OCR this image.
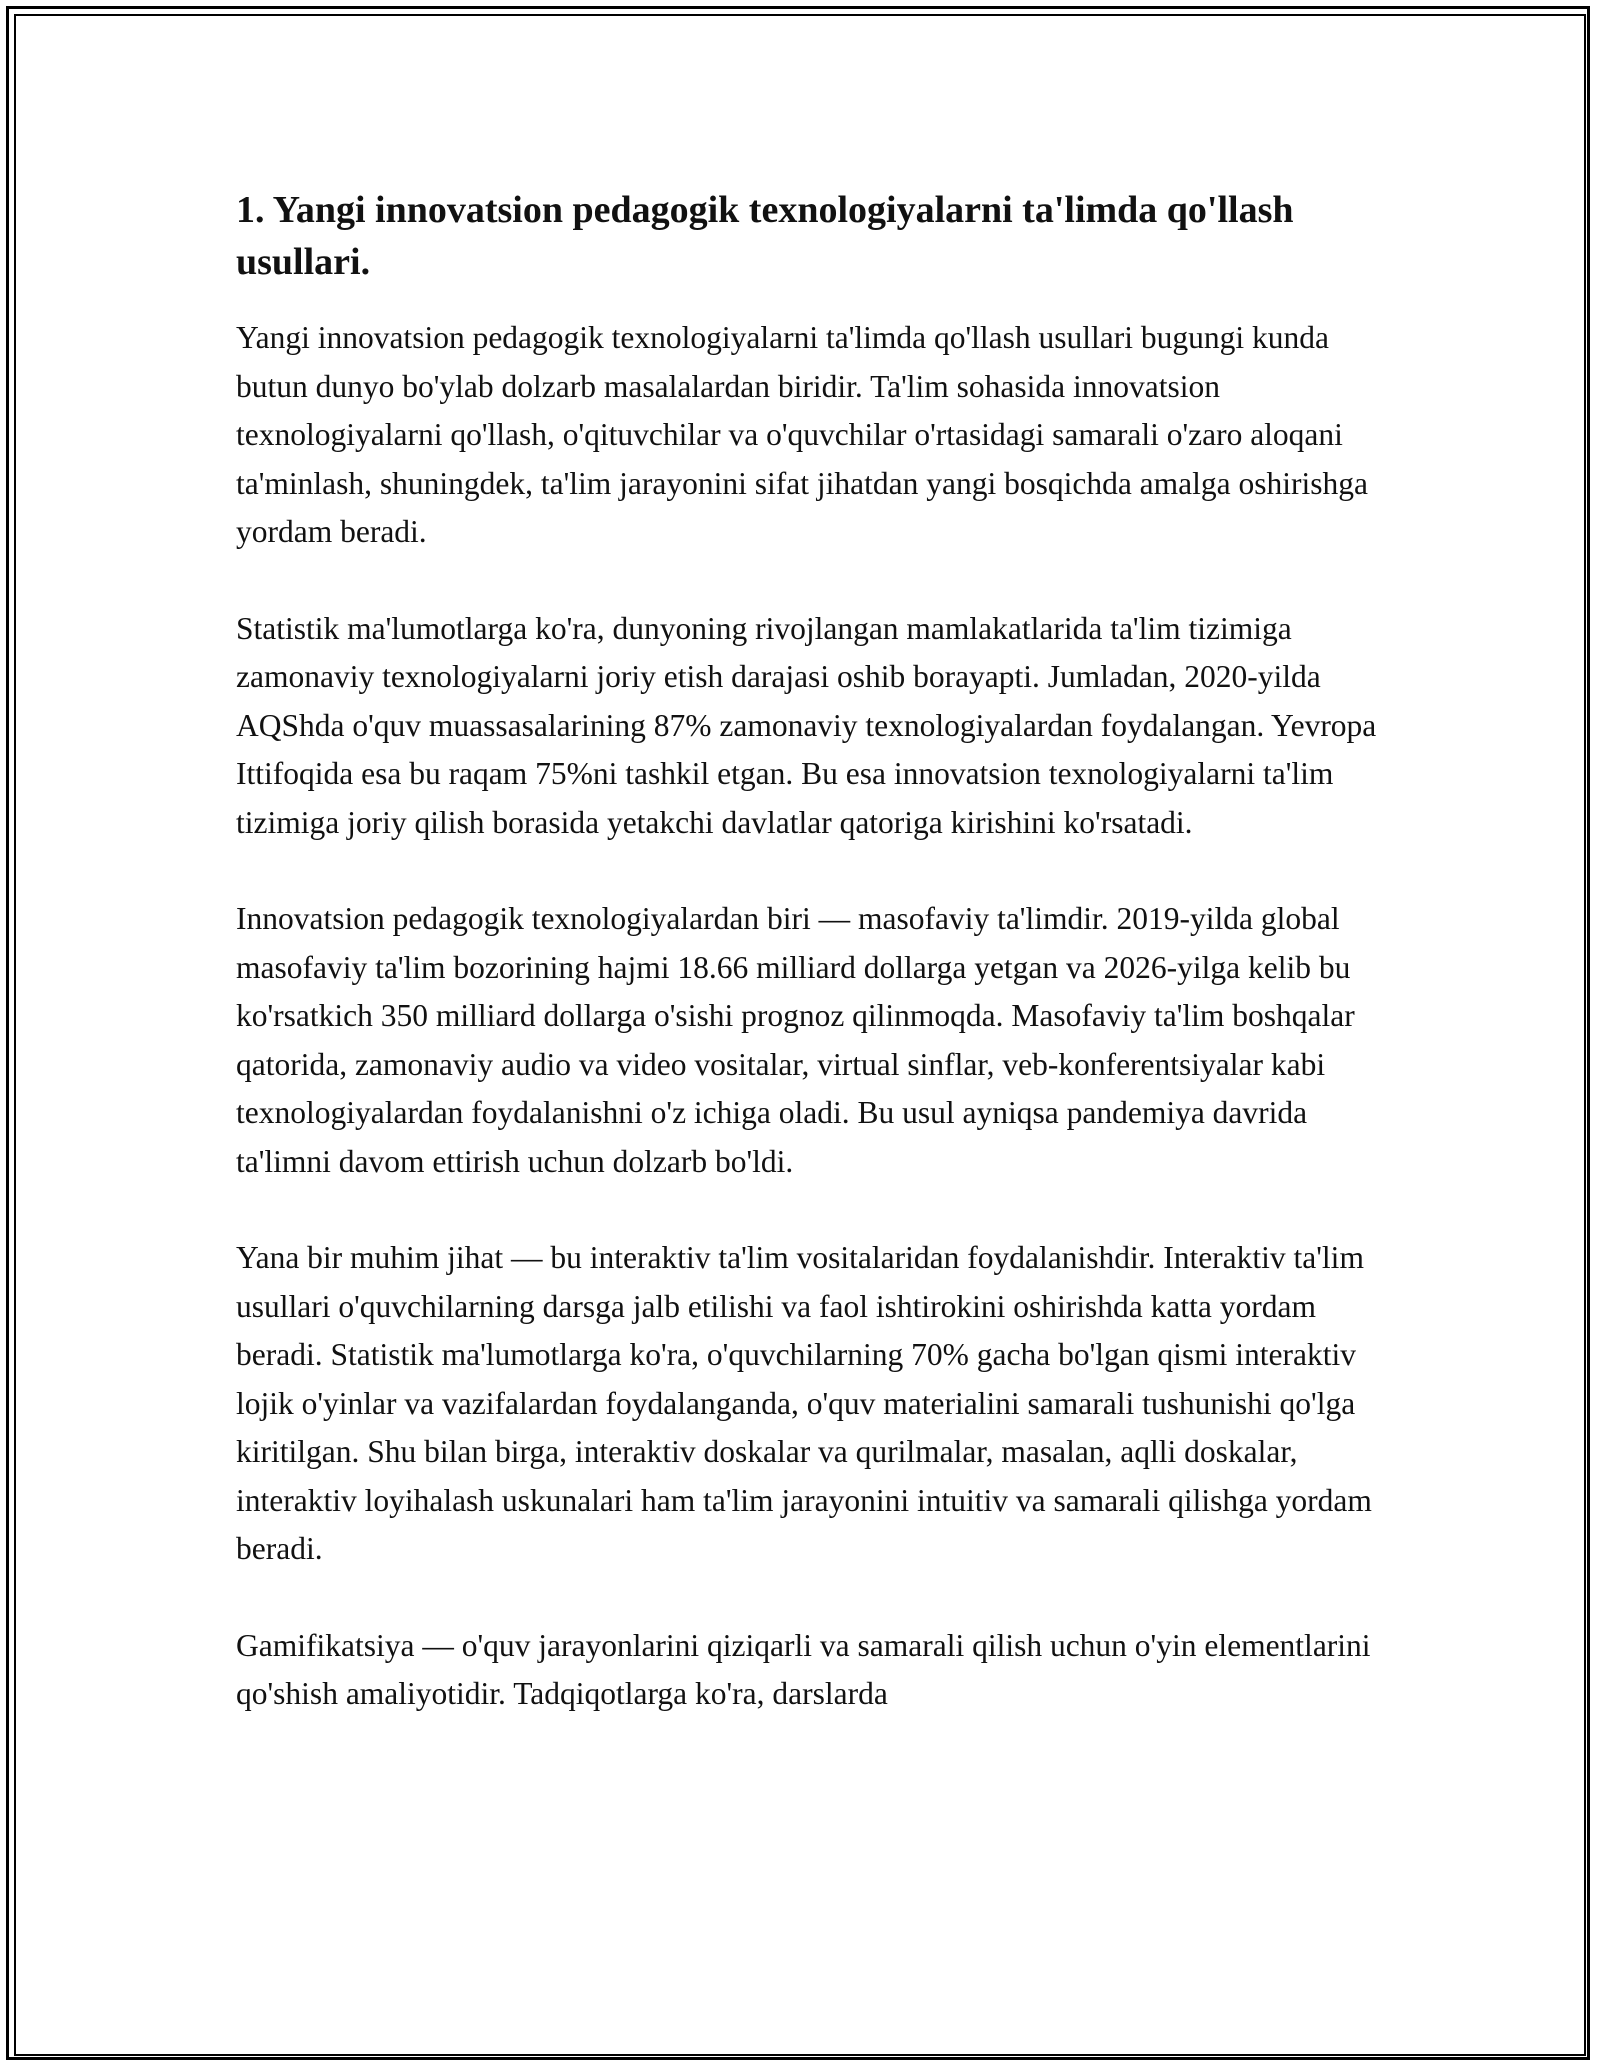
1. Yangi innovatsion pedagogik texnologiyalarni ta'limda qo'llash usullari.

Yangi innovatsion pedagogik texnologiyalarni ta'limda qo'llash usullari bugungi kunda butun dunyo bo'ylab dolzarb masalalardan biridir. Ta'lim sohasida innovatsion texnologiyalarni qo'llash, o'qituvchilar va o'quvchilar o'rtasidagi samarali o'zaro aloqani ta'minlash, shuningdek, ta'lim jarayonini sifat jihatdan yangi bosqichda amalga oshirishga yordam beradi.

Statistik ma'lumotlarga ko'ra, dunyoning rivojlangan mamlakatlarida ta'lim tizimiga zamonaviy texnologiyalarni joriy etish darajasi oshib borayapti. Jumladan, 2020-yilda AQShda o'quv muassasalarining 87% zamonaviy texnologiyalardan foydalangan. Yevropa Ittifoqida esa bu raqam 75%ni tashkil etgan. Bu esa innovatsion texnologiyalarni ta'lim tizimiga joriy qilish borasida yetakchi davlatlar qatoriga kirishini ko'rsatadi.

Innovatsion pedagogik texnologiyalardan biri — masofaviy ta'limdir. 2019-yilda global masofaviy ta'lim bozorining hajmi 18.66 milliard dollarga yetgan va 2026-yilga kelib bu ko'rsatkich 350 milliard dollarga o'sishi prognoz qilinmoqda. Masofaviy ta'lim boshqalar qatorida, zamonaviy audio va video vositalar, virtual sinflar, veb-konferentsiyalar kabi texnologiyalardan foydalanishni o'z ichiga oladi. Bu usul ayniqsa pandemiya davrida ta'limni davom ettirish uchun dolzarb bo'ldi.

Yana bir muhim jihat — bu interaktiv ta'lim vositalaridan foydalanishdir. Interaktiv ta'lim usullari o'quvchilarning darsga jalb etilishi va faol ishtirokini oshirishda katta yordam beradi. Statistik ma'lumotlarga ko'ra, o'quvchilarning 70% gacha bo'lgan qismi interaktiv lojik o'yinlar va vazifalardan foydalanganda, o'quv materialini samarali tushunishi qo'lga kiritilgan. Shu bilan birga, interaktiv doskalar va qurilmalar, masalan, aqlli doskalar, interaktiv loyihalash uskunalari ham ta'lim jarayonini intuitiv va samarali qilishga yordam beradi.

Gamifikatsiya — o'quv jarayonlarini qiziqarli va samarali qilish uchun o'yin elementlarini qo'shish amaliyotidir. Tadqiqotlarga ko'ra, darslarda
